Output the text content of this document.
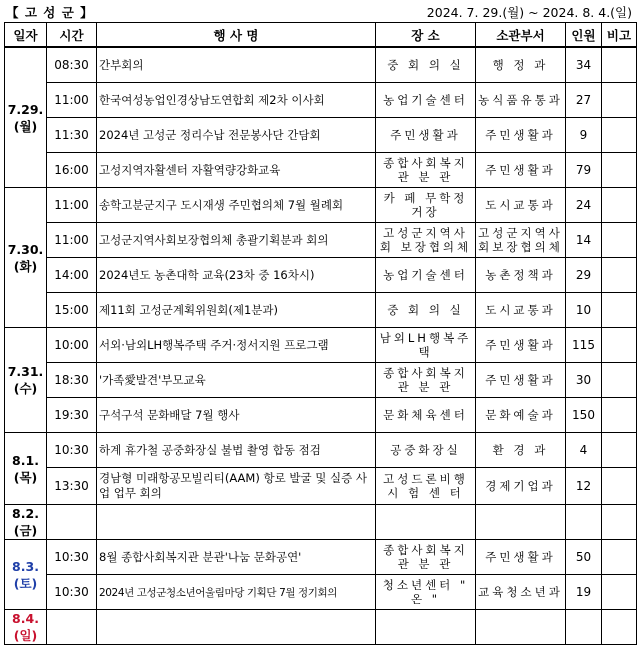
【 고 성 군 】	2024. 7. 29.(월) ~ 2024. 8. 4.(일)
일자	시간	행 사 명	장 소	소관부서	인원	비고

7.29.
(월)	08:30	간부회의	중 회 의 실	행 정 과	34	
	11:00	한국여성농업인경상남도연합회 제2차 이사회	농업기술센터	농식품유통과	27	
	11:30	2024년 고성군 정리수납 전문봉사단 간담회	주민생활과	주민생활과	9	
	16:00	고성지역자활센터 자활역량강화교육	종합사회복지관 분 관	주민생활과	79	

7.30.
(화)	11:00	송학고분군지구 도시재생 주민협의체 7월 월례회	카 페 무학정거장	도시교통과	24	
	11:00	고성군지역사회보장협의체 총괄기획분과 회의	고성군지역사회 보장협의체	고성군지역사 회보장협의체	14	
	14:00	2024년도 농촌대학 교육(23차 중 16차시)	농업기술센터	농촌정책과	29	
	15:00	제11회 고성군계획위원회(제1분과)	중 회 의 실	도시교통과	10	

7.31.
(수)	10:00	서외·남외LH행복주택 주거·정서지원 프로그램	남외LH행복주택	주민생활과	115	
	18:30	'가족愛발견'부모교육	종합사회복지관 분 관	주민생활과	30	
	19:30	구석구석 문화배달 7월 행사	문화체육센터	문화예술과	150	

8.1.
(목)	10:30	하계 휴가철 공중화장실 불법 촬영 합동 점검	공중화장실	환 경 과	4	
	13:30	경남형 미래항공모빌리티(AAM) 항로 발굴 및 실증 사업 업무 회의	고성드론비행시 험 센 터	경제기업과	12	

8.2.
(금)						

8.3.
(토)	10:30	8월 종합사회복지관 분관'나눔 문화공연'	종합사회복지관 분 관	주민생활과	50	
	10:30	2024년 고성군청소년어울림마당 기획단 7월 정기회의	청소년센터 " 온 "	교육청소년과	19	

8.4.
(일)						
